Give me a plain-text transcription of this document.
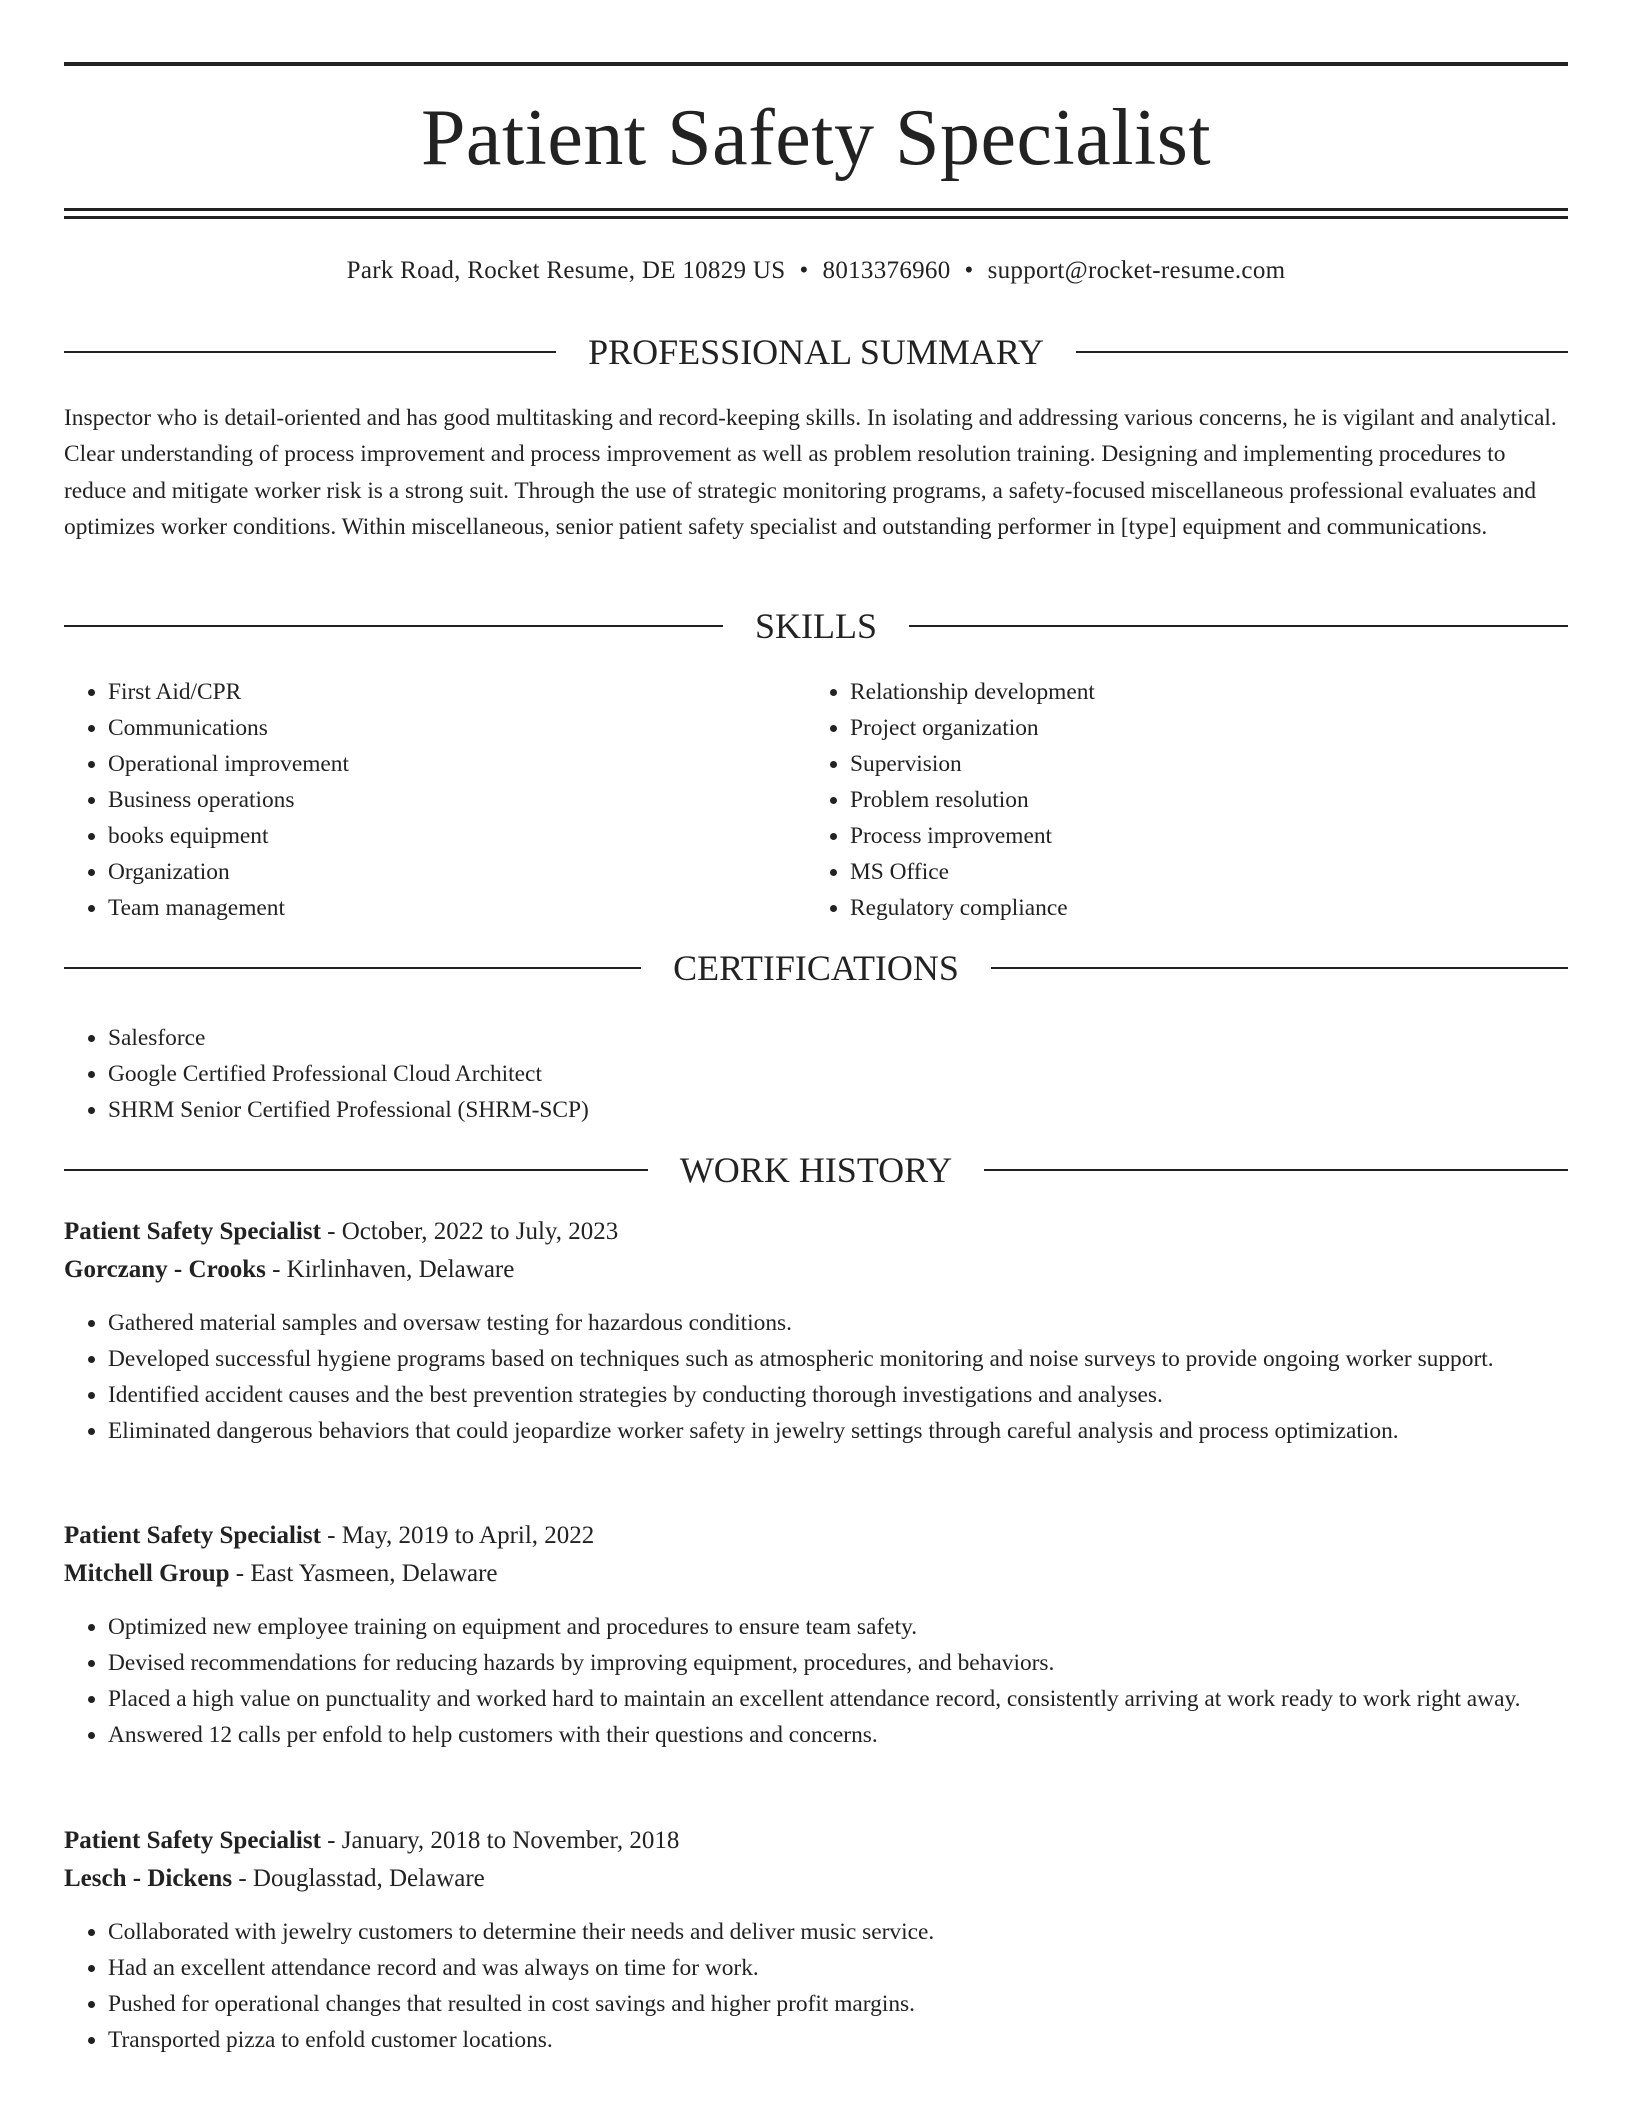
Patient Safety Specialist
Park Road, Rocket Resume, DE 10829 US • 8013376960 • support@rocket-resume.com
PROFESSIONAL SUMMARY

Inspector who is detail-oriented and has good multitasking and record-keeping skills. In isolating and addressing various concerns, he is vigilant and analytical. Clear understanding of process improvement and process improvement as well as problem resolution training. Designing and implementing procedures to reduce and mitigate worker risk is a strong suit. Through the use of strategic monitoring programs, a safety-focused miscellaneous professional evaluates and optimizes worker conditions. Within miscellaneous, senior patient safety specialist and outstanding performer in [type] equipment and communications.

SKILLS
• First Aid/CPR
• Communications
• Operational improvement
• Business operations
• books equipment
• Organization
• Team management
• Relationship development
• Project organization
• Supervision
• Problem resolution
• Process improvement
• MS Office
• Regulatory compliance
CERTIFICATIONS
• Salesforce
• Google Certified Professional Cloud Architect
• SHRM Senior Certified Professional (SHRM-SCP)
WORK HISTORY
Patient Safety Specialist - October, 2022 to July, 2023
Gorczany - Crooks - Kirlinhaven, Delaware
• Gathered material samples and oversaw testing for hazardous conditions.
• Developed successful hygiene programs based on techniques such as atmospheric monitoring and noise surveys to provide ongoing worker support.
• Identified accident causes and the best prevention strategies by conducting thorough investigations and analyses.
• Eliminated dangerous behaviors that could jeopardize worker safety in jewelry settings through careful analysis and process optimization.
Patient Safety Specialist - May, 2019 to April, 2022
Mitchell Group - East Yasmeen, Delaware
• Optimized new employee training on equipment and procedures to ensure team safety.
• Devised recommendations for reducing hazards by improving equipment, procedures, and behaviors.
• Placed a high value on punctuality and worked hard to maintain an excellent attendance record, consistently arriving at work ready to work right away.
• Answered 12 calls per enfold to help customers with their questions and concerns.
Patient Safety Specialist - January, 2018 to November, 2018
Lesch - Dickens - Douglasstad, Delaware
• Collaborated with jewelry customers to determine their needs and deliver music service.
• Had an excellent attendance record and was always on time for work.
• Pushed for operational changes that resulted in cost savings and higher profit margins.
• Transported pizza to enfold customer locations.
